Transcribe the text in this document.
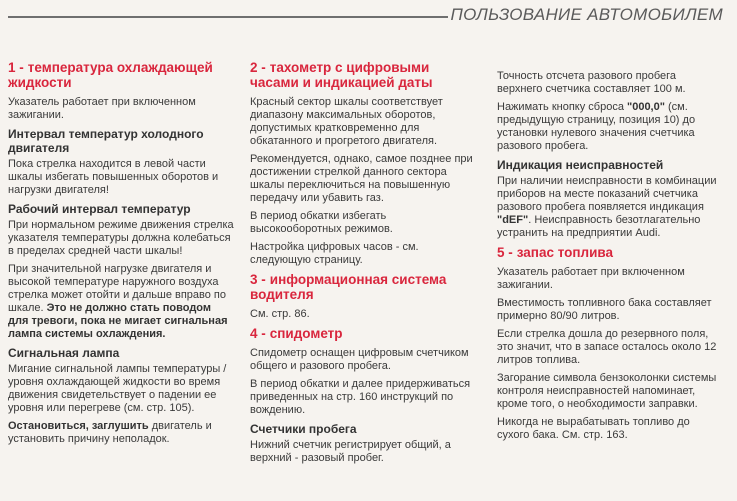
ПОЛЬЗОВАНИЕ АВТОМОБИЛЕМ
1 - температура охлаждающей жидкости

Указатель работает при включенном зажигании.

Интервал температур холодного двигателя

Пока стрелка находится в левой части шкалы избегать повышенных оборотов и нагрузки двигателя!

Рабочий интервал температур

При нормальном режиме движения стрелка указателя температуры должна колебаться в пределах средней части шкалы!

При значительной нагрузке двигателя и высокой температуре наружного воздуха стрелка может отойти и дальше вправо по шкале. Это не должно стать поводом для тревоги, пока не мигает сигнальная лампа системы охлаждения.

Сигнальная лампа

Мигание сигнальной лампы температуры / уровня охлаждающей жидкости во время движения свидетельствует о падении ее уровня или перегреве (см. стр. 105).

Остановиться, заглушить двигатель и установить причину неполадок.

2 - тахометр с цифровыми часами и индикацией даты

Красный сектор шкалы соответствует диапазону максимальных оборотов, допустимых кратковременно для обкатанного и прогретого двигателя.

Рекомендуется, однако, самое позднее при достижении стрелкой данного сектора шкалы переключиться на повышенную передачу или убавить газ.

В период обкатки избегать высокооборотных режимов.

Настройка цифровых часов - см. следующую страницу.

3 - информационная система водителя

См. стр. 86.

4 - спидометр

Спидометр оснащен цифровым счетчиком общего и разового пробега.

В период обкатки и далее придерживаться приведенных на стр. 160 инструкций по вождению.

Счетчики пробега

Нижний счетчик регистрирует общий, а верхний - разовый пробег.

Точность отсчета разового пробега верхнего счетчика составляет 100 м.

Нажимать кнопку сброса "000,0" (см. предыдущую страницу, позиция 10) до установки нулевого значения счетчика разового пробега.

Индикация неисправностей

При наличии неисправности в комбинации приборов на месте показаний счетчика разового пробега появляется индикация "dEF". Неисправность безотлагательно устранить на предприятии Audi.

5 - запас топлива

Указатель работает при включенном зажигании.

Вместимость топливного бака составляет примерно 80/90 литров.

Если стрелка дошла до резервного поля, это значит, что в запасе осталось около 12 литров топлива.

Загорание символа бензоколонки системы контроля неисправностей напоминает, кроме того, о необходимости заправки.

Никогда не вырабатывать топливо до сухого бака. См. стр. 163.
